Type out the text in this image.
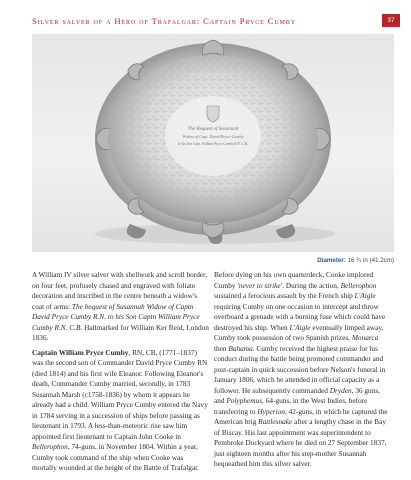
Silver salver of a Hero of Trafalgar: Captain Pryce Cumby	37
The Bequest of Susannah
Widow of Capt. David Pryce Cumby
to his Son Capt. William Pryce Cumby R.N. C.B.
Diameter: 16 ¼ in (41.2cm)

A William IV silver salver with shellwork and scroll border, on four feet, profusely chased and engraved with foliate decoration and inscribed in the centre beneath a widow's coat of arms: The bequest of Susannah Widow of Captn David Pryce Cumby R.N. to his Son Captn William Pryce Cumby R.N. C.B. Hallmarked for William Ker Reid, London 1836.

Captain William Pryce Cumby, RN, CB, (1771–1837) was the second son of Commander David Pryce Cumby RN (died 1814) and his first wife Eleanor. Following Eleanor's death, Commander Cumby married, secondly, in 1783 Susannah Marsh (c1758-1836) by whom it appears he already had a child. William Pryce Cumby entered the Navy in 1784 serving in a succession of ships before passing as lieutenant in 1793. A less-than-meteoric rise saw him appointed first lieutenant to Captain John Cooke in Bellerophon, 74-guns, in November 1804. Within a year, Cumby took command of the ship when Cooke was mortally wounded at the height of the Battle of Trafalgar.

Before dying on his own quarterdeck, Cooke implored Cumby 'never to strike'. During the action, Bellerophon sustained a ferocious assault by the French ship L'Aigle requiring Cumby on one occasion to intercept and throw overboard a grenade with a burning fuse which could have destroyed his ship. When L'Aigle eventually limped away, Cumby took possession of two Spanish prizes, Monarca then Bahama. Cumby received the highest praise for his conduct during the battle being promoted commander and post-captain in quick succession before Nelson's funeral in January 1806, which he attended in official capacity as a follower. He subsequently commanded Dryden, 36 guns, and Polyphemus, 64-guns, in the West Indies, before transferring to Hyperion, 42-guns, in which he captured the American brig Rattlesnake after a lengthy chase in the Bay of Biscay. His last appointment was superintendent to Pembroke Dockyard where he died on 27 September 1837, just eighteen months after his step-mother Susannah bequeathed him this silver salver.
